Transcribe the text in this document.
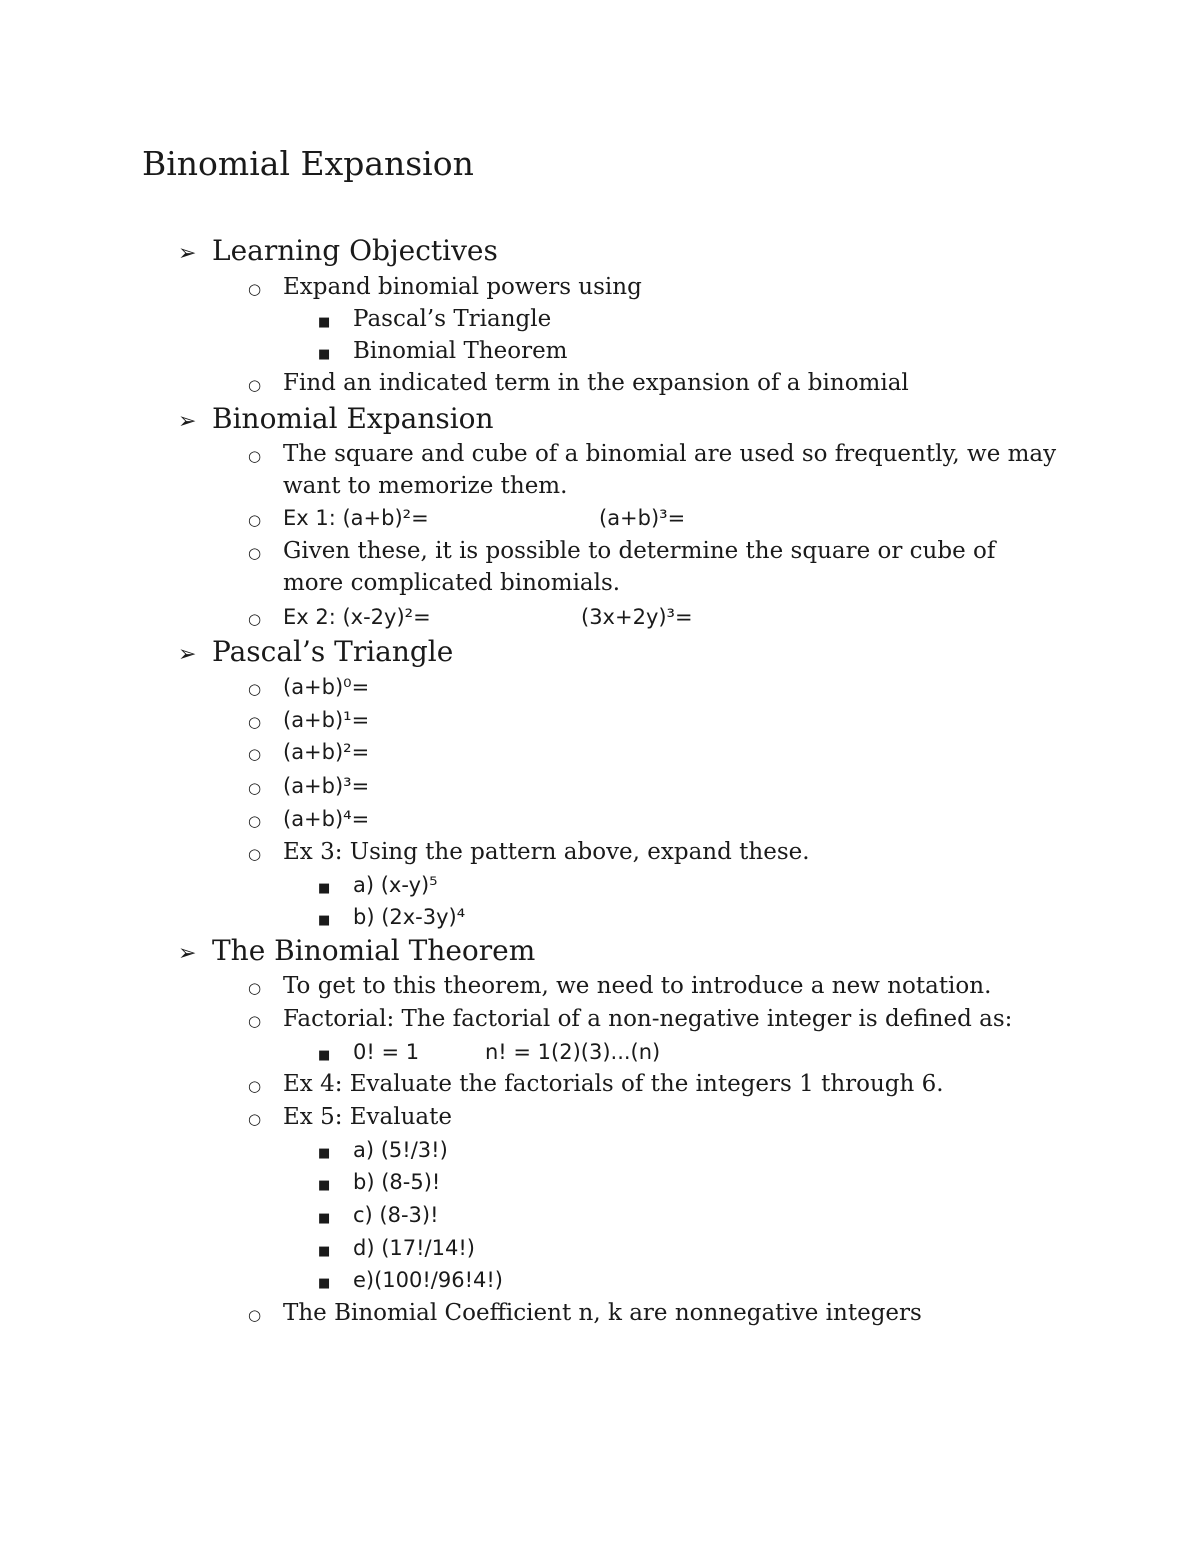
Binomial Expansion
➢ Learning Objectives
○ Expand binomial powers using
■ Pascal’s Triangle
■ Binomial Theorem
○ Find an indicated term in the expansion of a binomial
➢ Binomial Expansion
○ The square and cube of a binomial are used so frequently, we may
want to memorize them.
○	Ex 1: (a+b)²=	(a+b)³=
○ Given these, it is possible to determine the square or cube of
more complicated binomials.
○	Ex 2: (x-2y)²=	(3x+2y)³=
➢ Pascal’s Triangle
○	(a+b)⁰=
○	(a+b)¹=
○	(a+b)²=
○	(a+b)³=
○	(a+b)⁴=
○ Ex 3: Using the pattern above, expand these.
■	a) (x-y)⁵
■	b) (2x-3y)⁴
➢ The Binomial Theorem
○ To get to this theorem, we need to introduce a new notation.
○ Factorial: The factorial of a non-negative integer is defined as:
■	0! = 1	n! = 1(2)(3)...(n)
○ Ex 4: Evaluate the factorials of the integers 1 through 6.
○ Ex 5: Evaluate
■	a) (5!/3!)
■	b) (8-5)!
■	c) (8-3)!
■	d) (17!/14!)
■	e)(100!/96!4!)
○ The Binomial Coefficient n, k are nonnegative integers
